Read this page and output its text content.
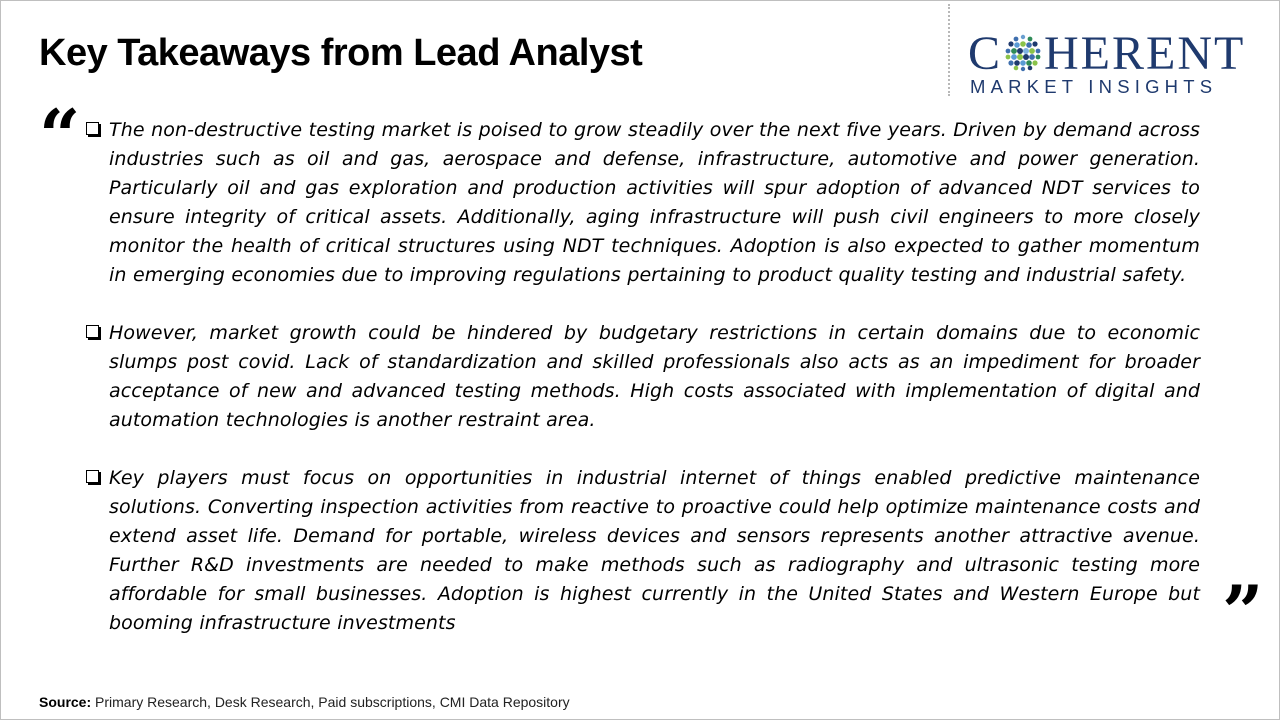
Key Takeaways from Lead Analyst	C HERENT
MARKET INSIGHTS
“ The non-destructive testing market is poised to grow steadily over the next five years. Driven by demand across industries such as oil and gas, aerospace and defense, infrastructure, automotive and power generation. Particularly oil and gas exploration and production activities will spur adoption of advanced NDT services to ensure integrity of critical assets. Additionally, aging infrastructure will push civil engineers to more closely monitor the health of critical structures using NDT techniques. Adoption is also expected to gather momentum in emerging economies due to improving regulations pertaining to product quality testing and industrial safety.

However, market growth could be hindered by budgetary restrictions in certain domains due to economic slumps post covid. Lack of standardization and skilled professionals also acts as an impediment for broader acceptance of new and advanced testing methods. High costs associated with implementation of digital and automation technologies is another restraint area.

Key players must focus on opportunities in industrial internet of things enabled predictive maintenance solutions. Converting inspection activities from reactive to proactive could help optimize maintenance costs and extend asset life. Demand for portable, wireless devices and sensors represents another attractive avenue. Further R&D investments are needed to make methods such as radiography and ultrasonic testing more affordable for small businesses. Adoption is highest currently in the United States and Western Europe but booming infrastructure investments	”
Source: Primary Research, Desk Research, Paid subscriptions, CMI Data Repository
